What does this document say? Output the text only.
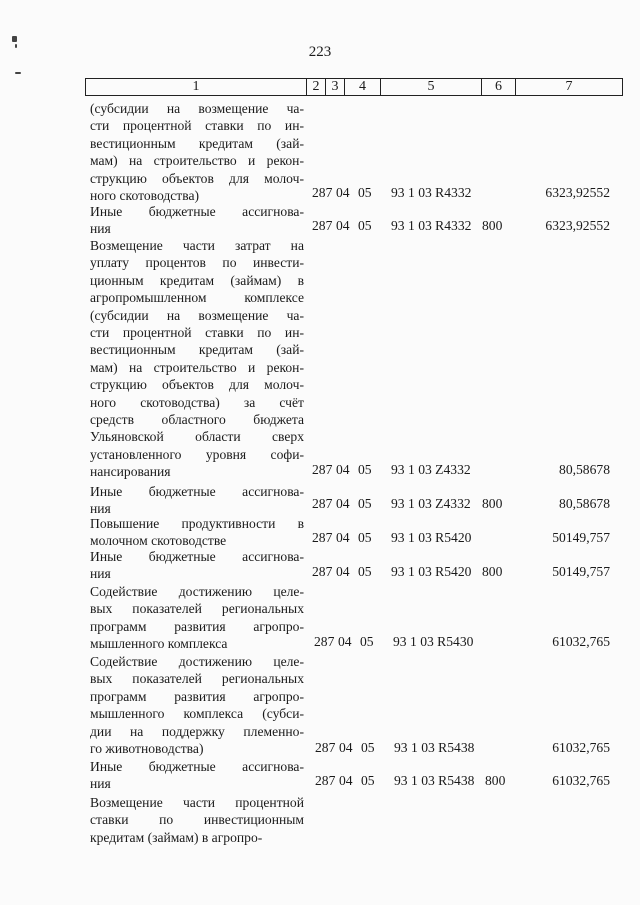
223
1	2 3	4	5	6	7
(субсидии на возмещение ча-
сти процентной ставки по ин-
вестиционным кредитам (зай-
мам) на строительство и рекон-
струкцию объектов для молоч-
ного скотоводства)	287 04 05 93 1 03 R4332	6323,92552
Иные бюджетные ассигнова-
ния	287 04 05 93 1 03 R4332 800	6323,92552
Возмещение части затрат на
уплату процентов по инвести-
ционным кредитам (займам) в
агропромышленном комплексе
(субсидии на возмещение ча-
сти процентной ставки по ин-
вестиционным кредитам (зай-
мам) на строительство и рекон-
струкцию объектов для молоч-
ного скотоводства) за счёт
средств областного бюджета
Ульяновской области сверх
установленного уровня софи-
нансирования	287 04 05 93 1 03 Z4332	80,58678
Иные бюджетные ассигнова-
ния	287 04 05 93 1 03 Z4332 800	80,58678
Повышение продуктивности в
молочном скотоводстве	287 04 05 93 1 03 R5420	50149,757
Иные бюджетные ассигнова-
ния	287 04 05 93 1 03 R5420 800	50149,757
Содействие достижению целе-
вых показателей региональных
программ развития агропро-
мышленного комплекса	287 04 05 93 1 03 R5430	61032,765
Содействие достижению целе-
вых показателей региональных
программ развития агропро-
мышленного комплекса (субси-
дии на поддержку племенно-
го животноводства)	287 04 05 93 1 03 R5438	61032,765
Иные бюджетные ассигнова-
ния	287 04 05 93 1 03 R5438 800	61032,765
Возмещение части процентной
ставки по инвестиционным
кредитам (займам) в агропро-
